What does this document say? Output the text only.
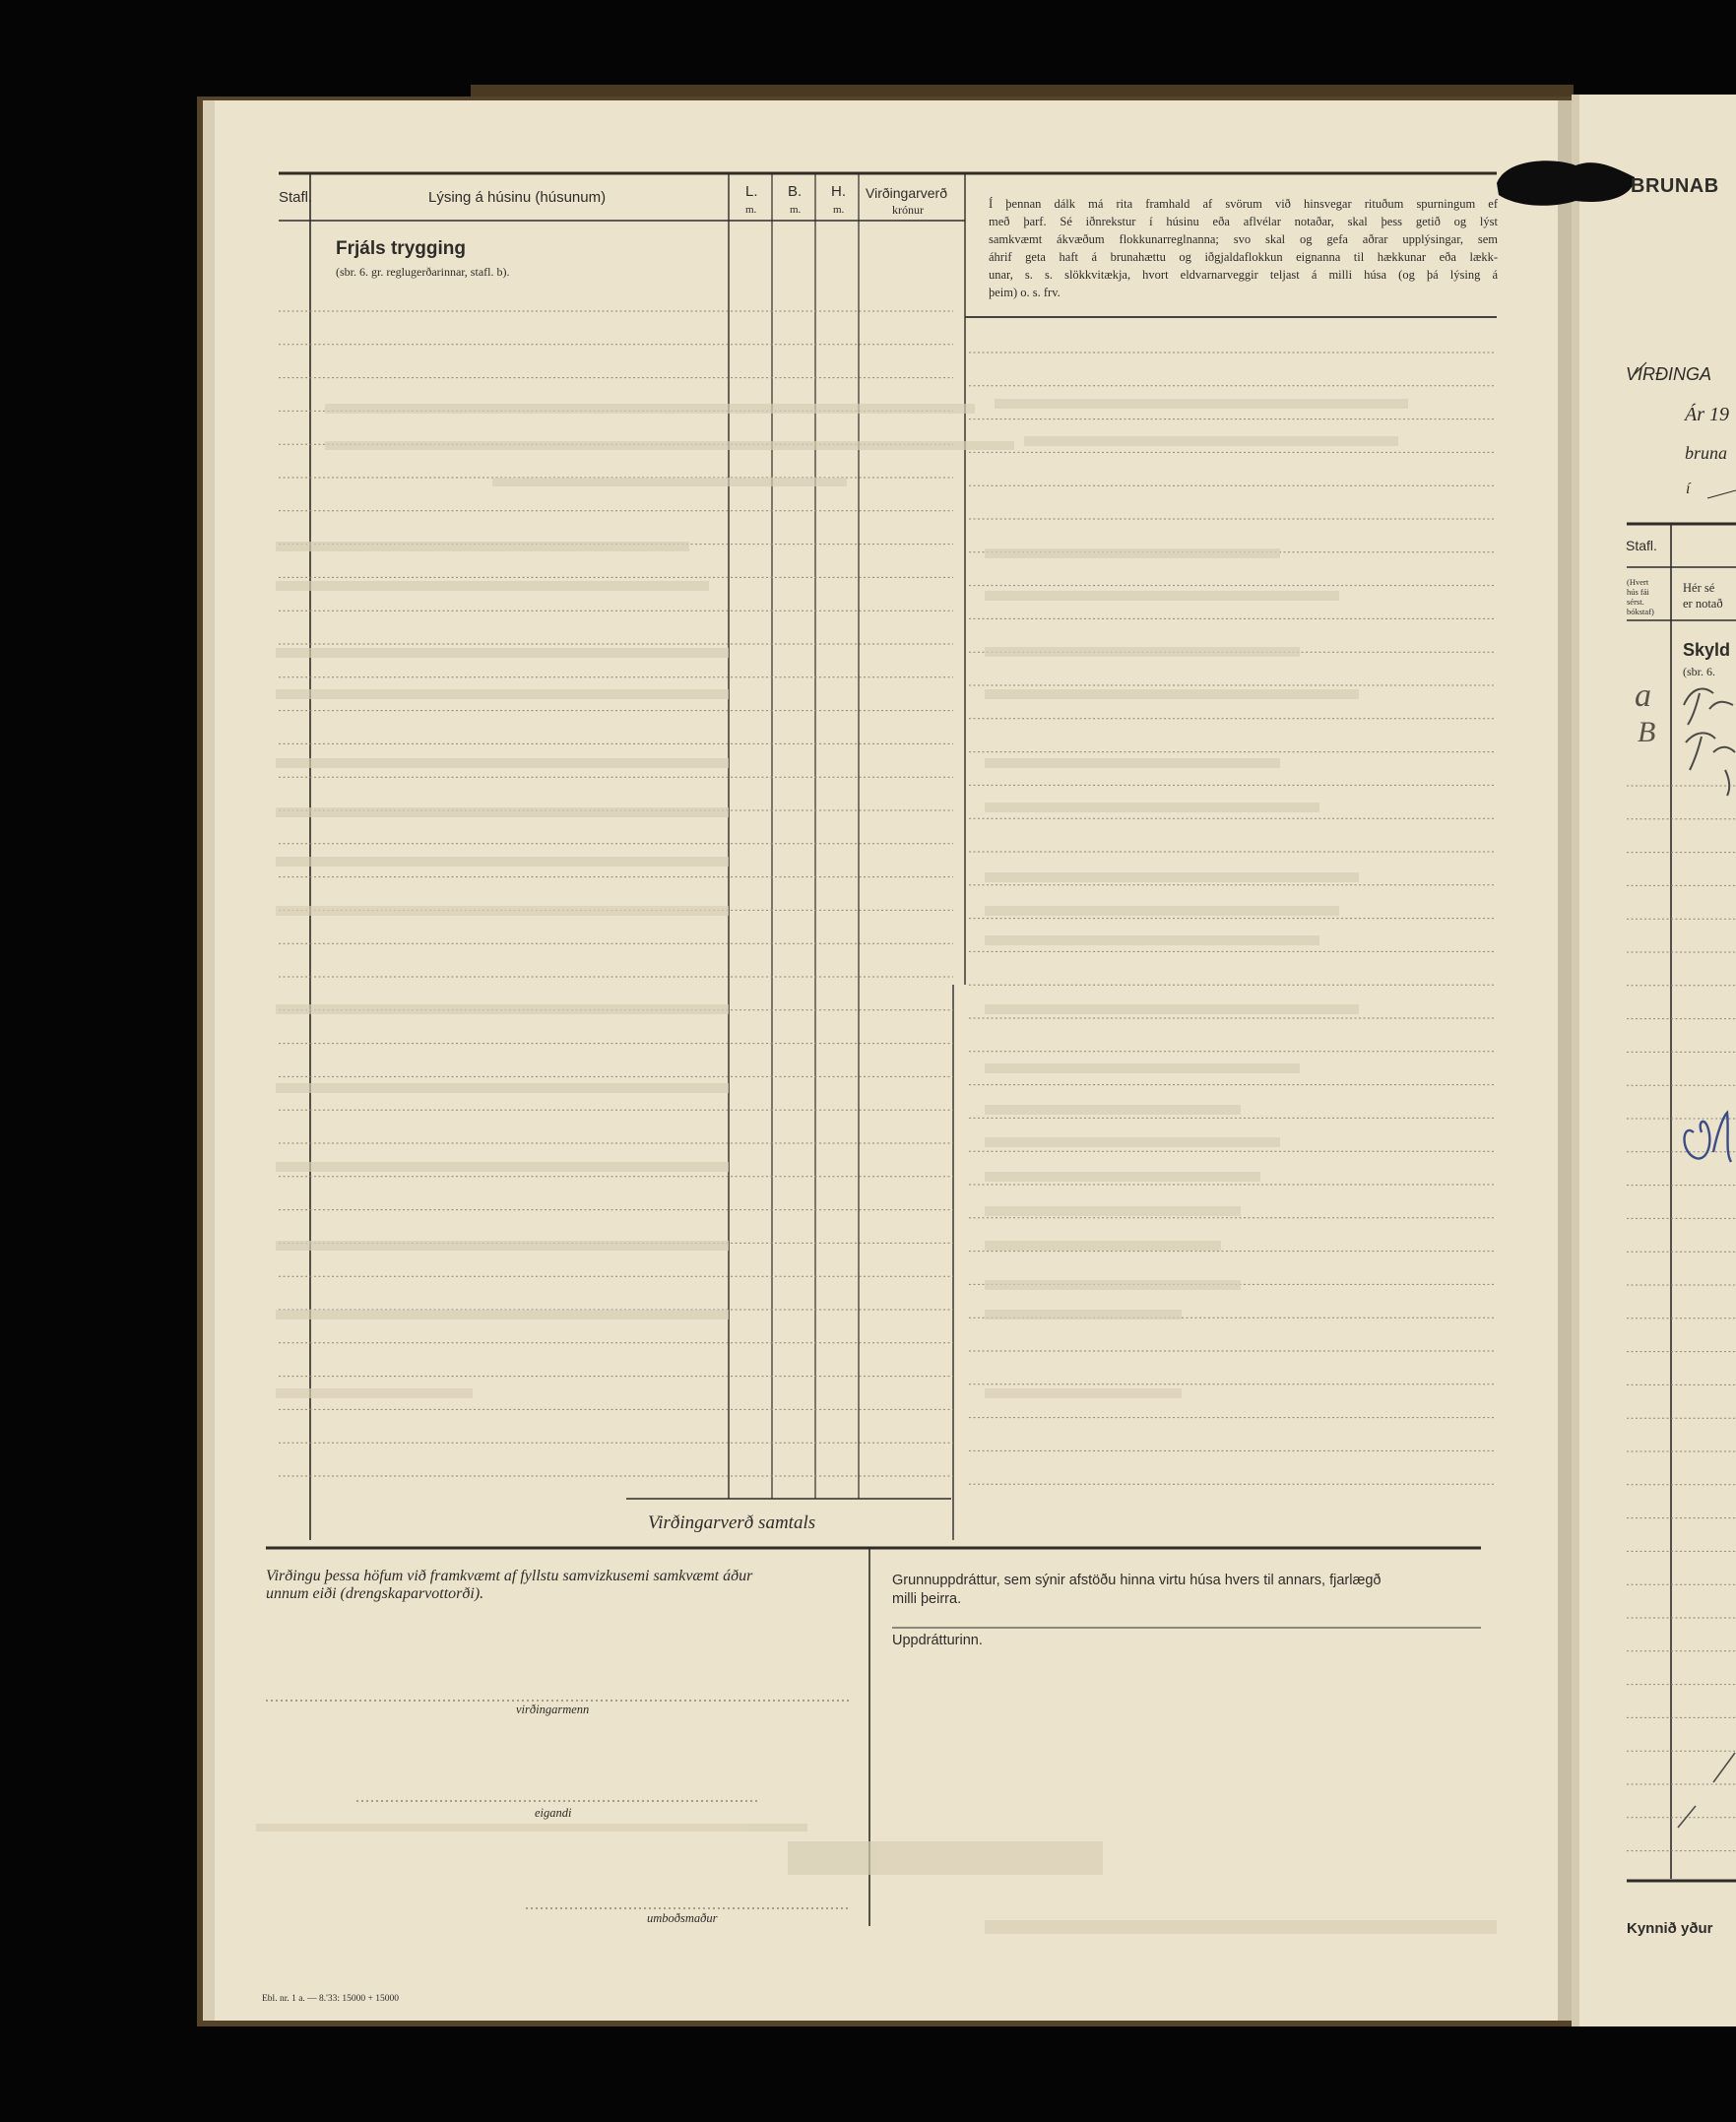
Stafl.	Lýsing á húsinu (húsunum)	L.
m.
B.
m.
H.
m.
Virðingarverð
krónur
Frjáls trygging
(sbr. 6. gr. reglugerðarinnar, stafl. b).
Í þennan dálk má rita framhald af svörum við hinsvegar rituðum spurningum ef
með þarf. Sé iðnrekstur í húsinu eða aflvélar notaðar, skal þess getið og lýst
samkvæmt ákvæðum flokkunarreglnanna; svo skal og gefa aðrar upplýsingar, sem
áhrif geta haft á brunahættu og iðgjaldaflokkun eignanna til hækkunar eða lækk-
unar, s. s. slökkvitækja, hvort eldvarnarveggir teljast á milli húsa (og þá lýsing á
þeim) o. s. frv.
Virðingarverð samtals
Virðingu þessa höfum við framkvæmt af fyllstu samvizkusemi samkvæmt áður
unnum eiði (drengskaparvottorði).
virðingarmenn
eigandi
umboðsmaður
Grunnuppdráttur, sem sýnir afstöðu hinna virtu húsa hvers til annars, fjarlægð
milli þeirra.
Uppdrátturinn.
Ebl. nr. 1 a. — 8.'33: 15000 + 15000
BRUNAB
VIRÐINGA
Ár 19
bruna
í
Stafl.
(Hvert
hús fái
sérst.
bókstaf)
Hér sé
er notað
Skyld
(sbr. 6.
a
B
Kynnið yður
